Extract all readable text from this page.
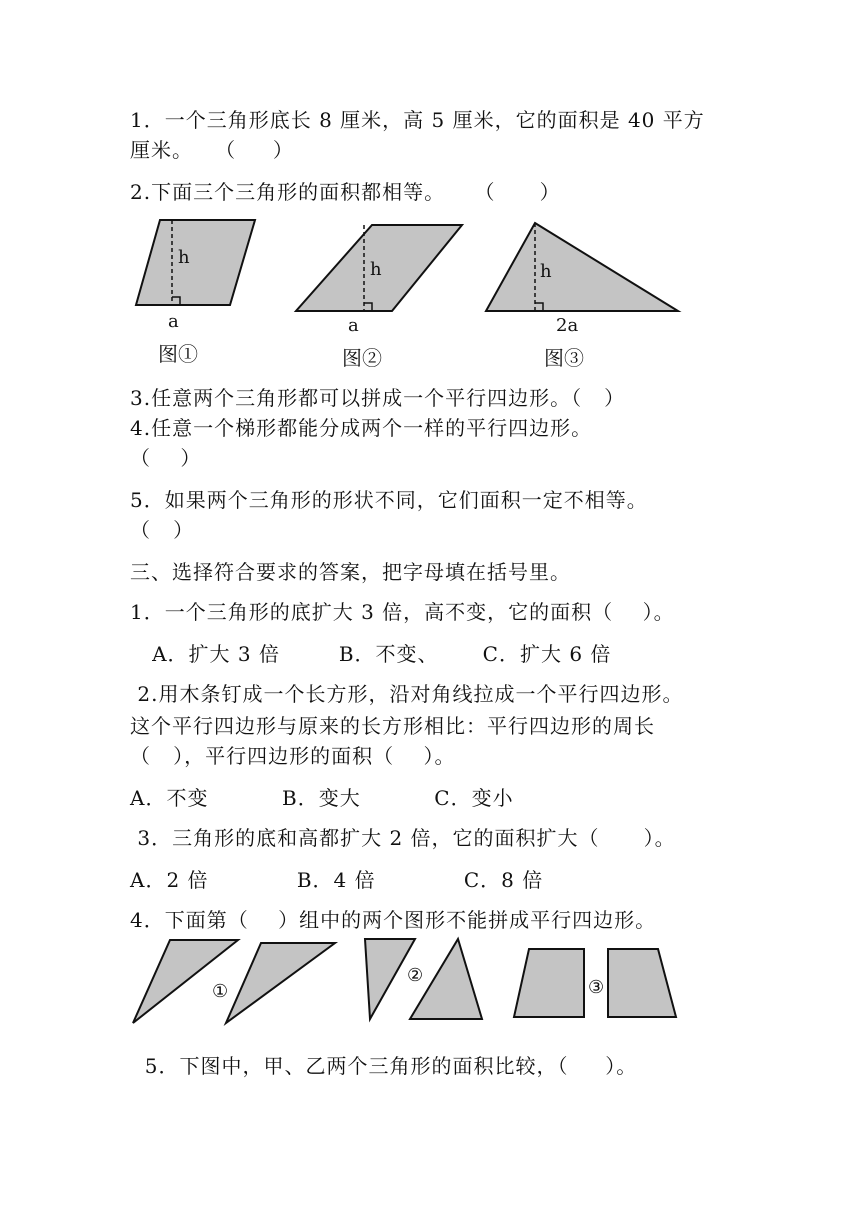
1．一个三角形底长 8 厘米，高 5 厘米，它的面积是 40 平方
厘米。   （     ）
2.下面三个三角形的面积都相等。    （      ）
h
a
图①
h
a
图②
h
2a
图③
3.任意两个三角形都可以拼成一个平行四边形。（   ）
4.任意一个梯形都能分成两个一样的平行四边形。
（    ）
5．如果两个三角形的形状不同，它们面积一定不相等。
（   ）
三、选择符合要求的答案，把字母填在括号里。
1．一个三角形的底扩大 3 倍，高不变，它的面积（    ）。
A．扩大 3 倍        B．不变、      C．扩大 6 倍
2.用木条钉成一个长方形，沿对角线拉成一个平行四边形。
这个平行四边形与原来的长方形相比：平行四边形的周长
（   ），平行四边形的面积（    ）。
A．不变          B．变大          C．变小
3．三角形的底和高都扩大 2 倍，它的面积扩大（      ）。
A．2 倍            B．4 倍            C．8 倍
4．下面第（    ）组中的两个图形不能拼成平行四边形。
①
②
③
5．下图中，甲、乙两个三角形的面积比较，（     ）。
